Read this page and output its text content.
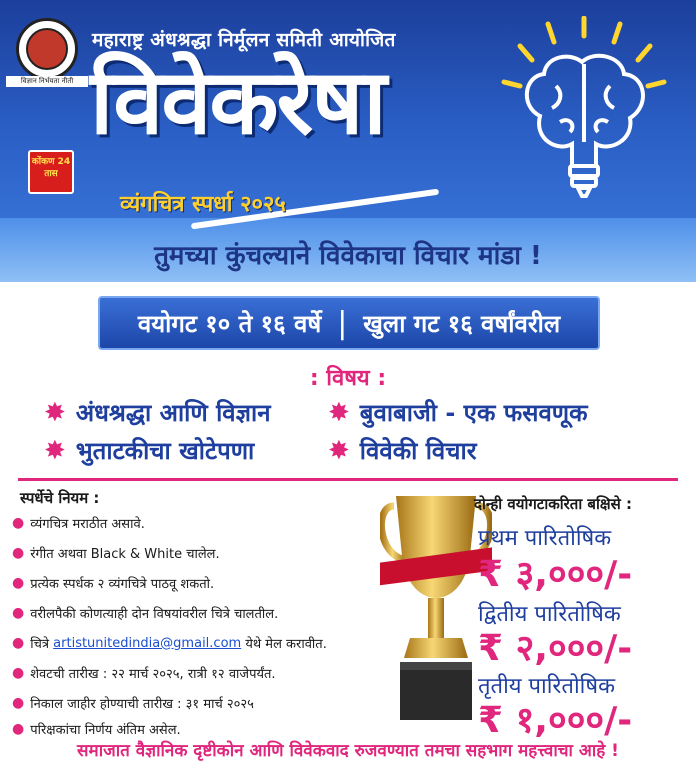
विज्ञान निर्भयता नीती
महाराष्ट्र अंधश्रद्धा निर्मूलन समिती आयोजित
विवेकरेषा
व्यंगचित्र स्पर्धा २०२५
कोंकण 24 तास
तुमच्या कुंचल्याने विवेकाचा विचार मांडा !
वयोगट १० ते १६ वर्षे | खुला गट १६ वर्षांवरील
: विषय :
✸ अंधश्रद्धा आणि विज्ञान ✸ बुवाबाजी - एक फसवणूक
✸ भुताटकीचा खोटेपणा	✸ विवेकी विचार
स्पर्धेचे नियम :
● व्यंगचित्र मराठीत असावे.
● रंगीत अथवा Black & White चालेल.
● प्रत्येक स्पर्धक २ व्यंगचित्रे पाठवू शकतो.
● वरीलपैकी कोणत्याही दोन विषयांवरील चित्रे चालतील.
● चित्रे
artistunitedindia@gmail.com
येथे मेल करावीत.
● शेवटची तारीख : २२ मार्च २०२५, रात्री १२ वाजेपर्यंत.
● निकाल जाहीर होण्याची तारीख : ३१ मार्च २०२५
● परिक्षकांचा निर्णय अंतिम असेल.
दोन्ही वयोगटाकरिता बक्षिसे :
प्रथम पारितोषिक
₹ ३,०००/-
द्वितीय पारितोषिक
₹ २,०००/-
तृतीय पारितोषिक
₹ १,०००/-
समाजात वैज्ञानिक दृष्टीकोन आणि विवेकवाद रुजवण्यात तमचा सहभाग महत्त्वाचा आहे !
